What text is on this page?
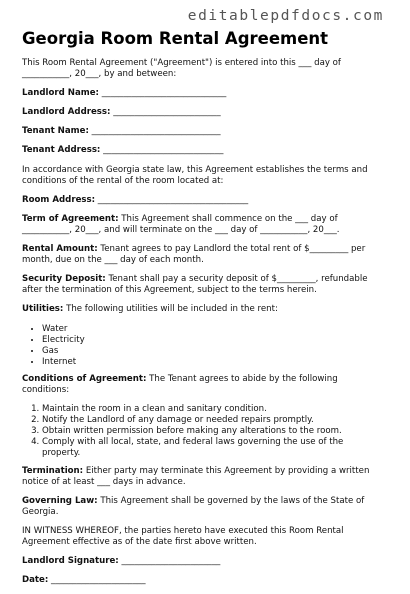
editablepdfdocs.com
Georgia Room Rental Agreement
This Room Rental Agreement ("Agreement") is entered into this ___ day of ___________, 20___, by and between:
Landlord Name: _____________________________
Landlord Address: _________________________
Tenant Name: ______________________________
Tenant Address: ____________________________
In accordance with Georgia state law, this Agreement establishes the terms and conditions of the rental of the room located at:
Room Address: ___________________________________
Term of Agreement: This Agreement shall commence on the ___ day of ___________, 20___, and will terminate on the ___ day of ___________, 20___.
Rental Amount: Tenant agrees to pay Landlord the total rent of $_________ per month, due on the ___ day of each month.
Security Deposit: Tenant shall pay a security deposit of $_________, refundable after the termination of this Agreement, subject to the terms herein.
Utilities: The following utilities will be included in the rent:
• Water
• Electricity
• Gas
• Internet
Conditions of Agreement: The Tenant agrees to abide by the following conditions:
1. Maintain the room in a clean and sanitary condition.
2. Notify the Landlord of any damage or needed repairs promptly.
3. Obtain written permission before making any alterations to the room.
4. Comply with all local, state, and federal laws governing the use of the property.
Termination: Either party may terminate this Agreement by providing a written notice of at least ___ days in advance.
Governing Law: This Agreement shall be governed by the laws of the State of Georgia.
IN WITNESS WHEREOF, the parties hereto have executed this Room Rental Agreement effective as of the date first above written.
Landlord Signature: _______________________
Date: ______________________
